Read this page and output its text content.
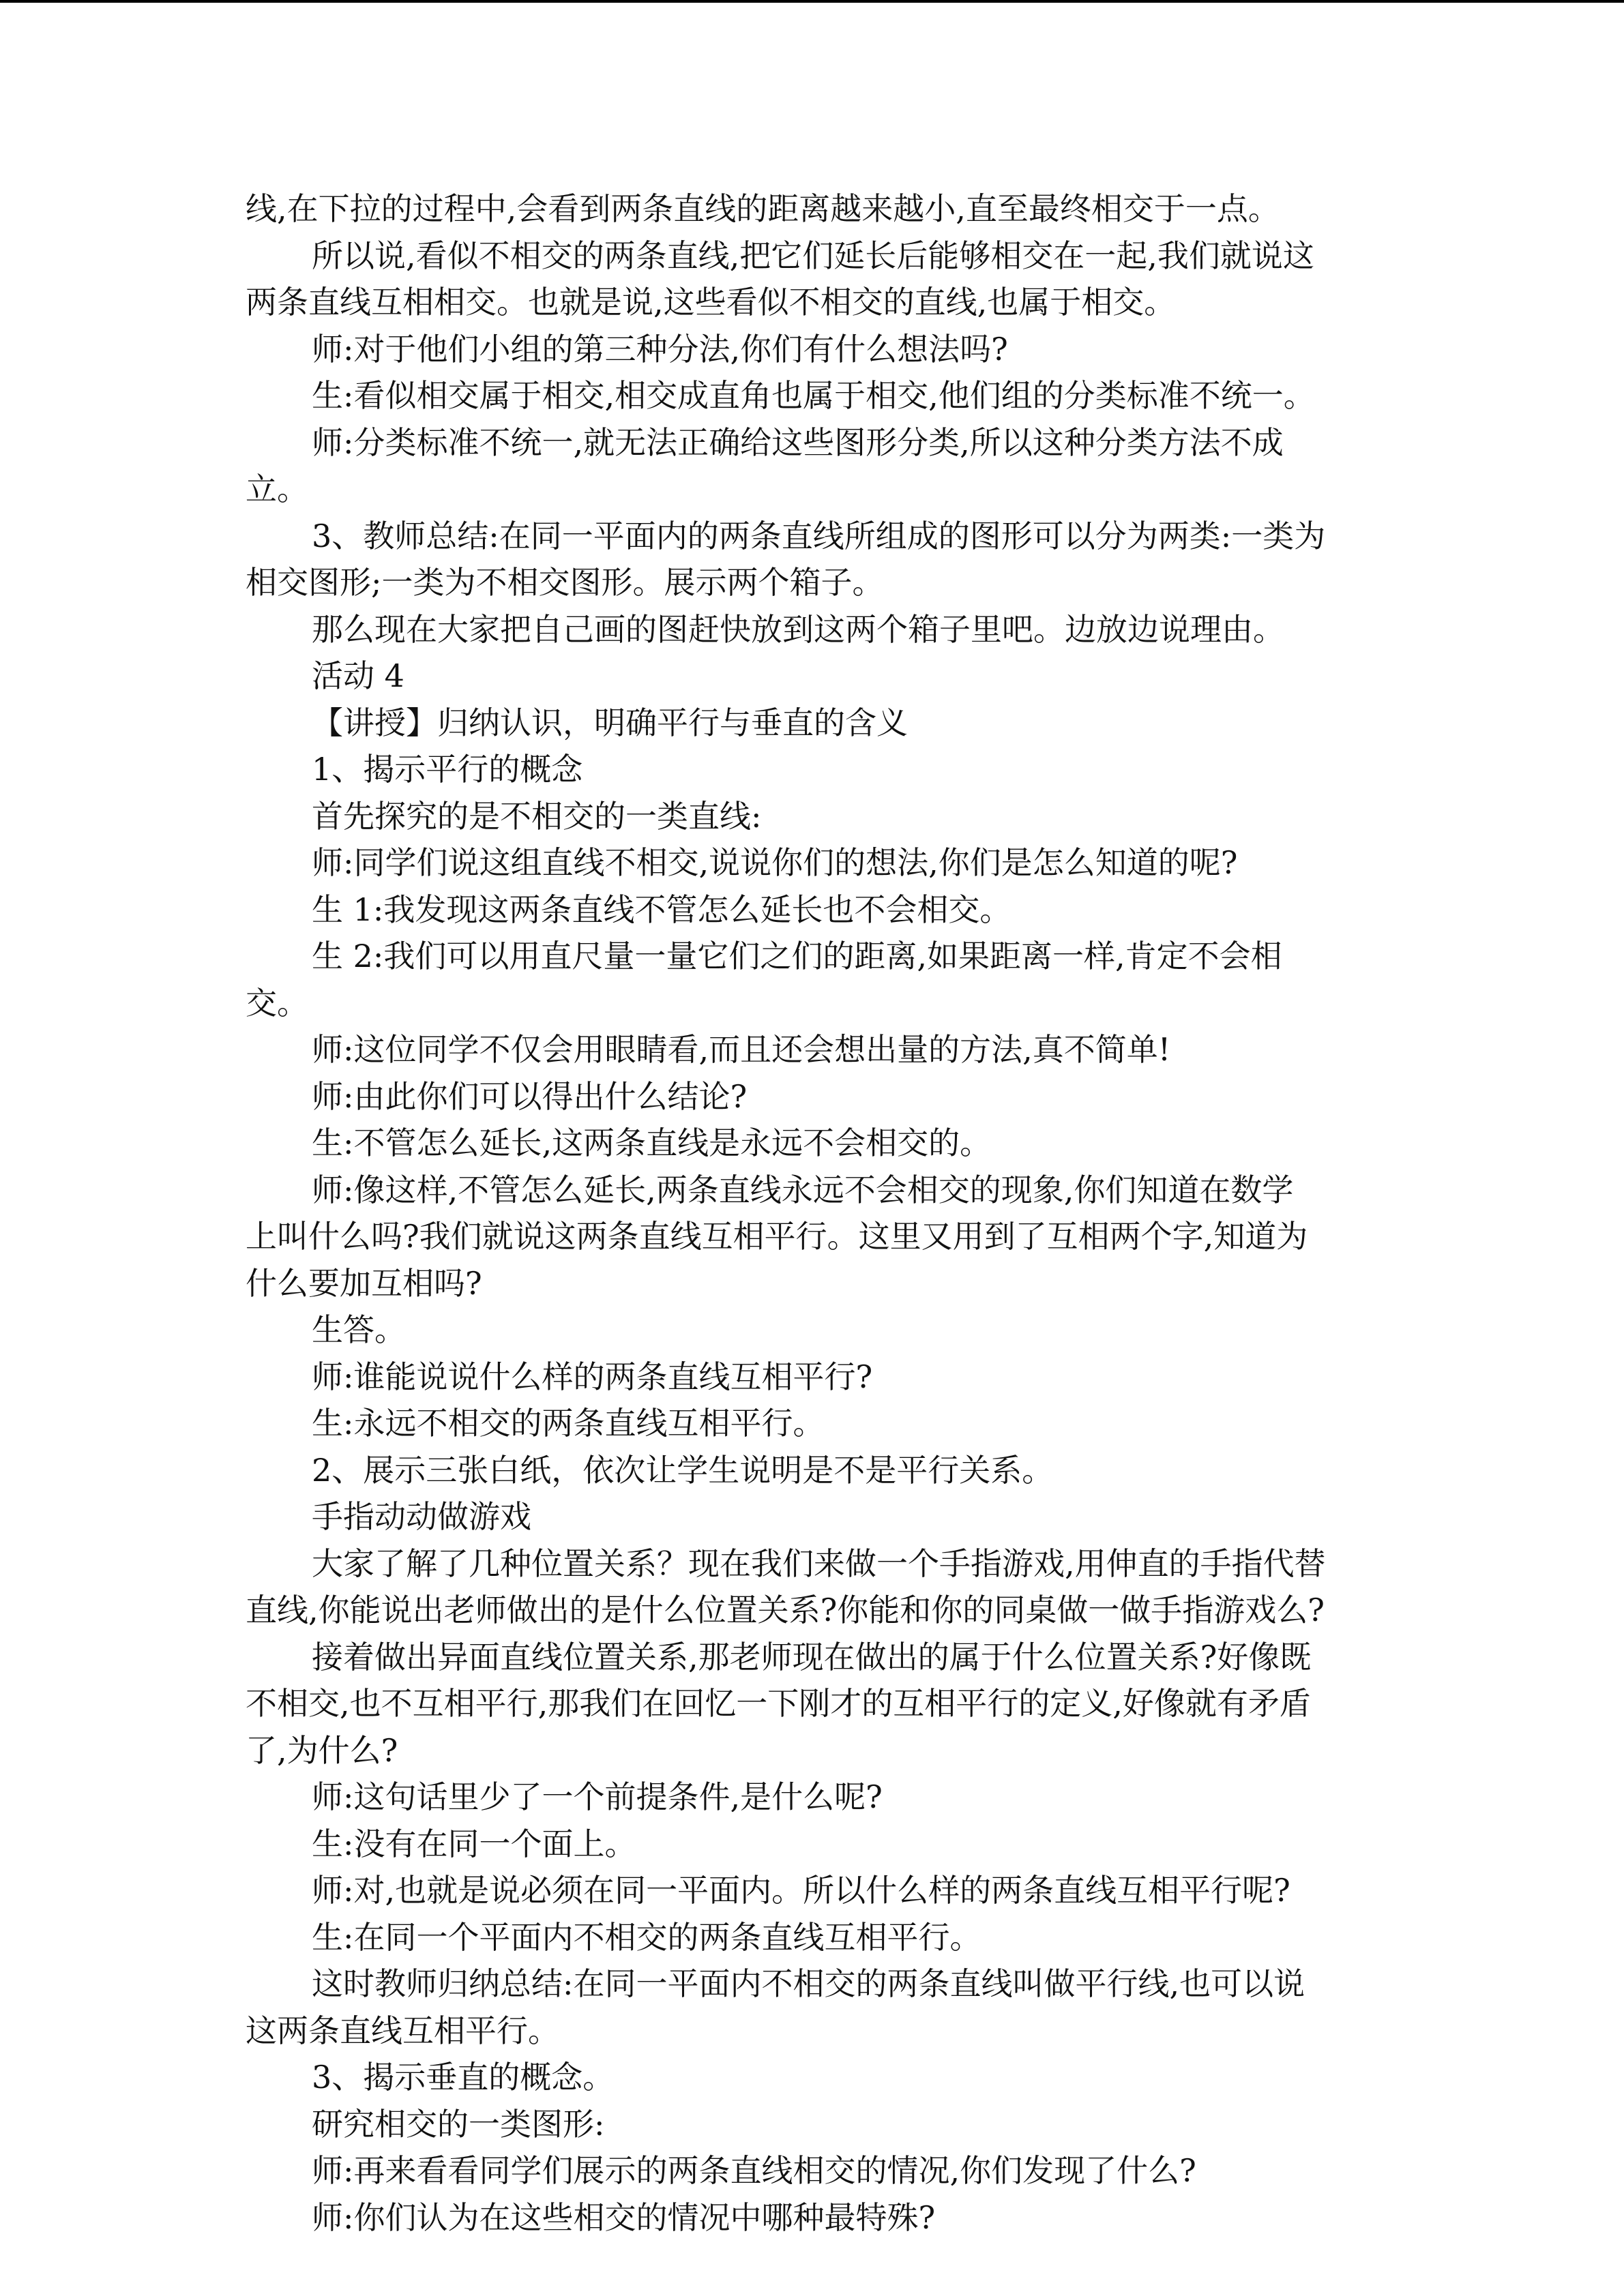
线,在下拉的过程中,会看到两条直线的距离越来越小,直至最终相交于一点。

所以说,看似不相交的两条直线,把它们延长后能够相交在一起,我们就说这

两条直线互相相交。也就是说,这些看似不相交的直线,也属于相交。

师:对于他们小组的第三种分法,你们有什么想法吗?

生:看似相交属于相交,相交成直角也属于相交,他们组的分类标准不统一。

师:分类标准不统一,就无法正确给这些图形分类,所以这种分类方法不成

立。

3、教师总结:在同一平面内的两条直线所组成的图形可以分为两类:一类为

相交图形;一类为不相交图形。展示两个箱子。

那么现在大家把自己画的图赶快放到这两个箱子里吧。边放边说理由。

活动 4

【讲授】归纳认识，明确平行与垂直的含义

1、揭示平行的概念

首先探究的是不相交的一类直线:

师:同学们说这组直线不相交,说说你们的想法,你们是怎么知道的呢?

生 1:我发现这两条直线不管怎么延长也不会相交。

生 2:我们可以用直尺量一量它们之们的距离,如果距离一样,肯定不会相

交。

师:这位同学不仅会用眼睛看,而且还会想出量的方法,真不简单!

师:由此你们可以得出什么结论?

生:不管怎么延长,这两条直线是永远不会相交的。

师:像这样,不管怎么延长,两条直线永远不会相交的现象,你们知道在数学

上叫什么吗?我们就说这两条直线互相平行。这里又用到了互相两个字,知道为

什么要加互相吗?

生答。

师:谁能说说什么样的两条直线互相平行?

生:永远不相交的两条直线互相平行。

2、展示三张白纸，依次让学生说明是不是平行关系。

手指动动做游戏

大家了解了几种位置关系？现在我们来做一个手指游戏,用伸直的手指代替

直线,你能说出老师做出的是什么位置关系?你能和你的同桌做一做手指游戏么?

接着做出异面直线位置关系,那老师现在做出的属于什么位置关系?好像既

不相交,也不互相平行,那我们在回忆一下刚才的互相平行的定义,好像就有矛盾

了,为什么?

师:这句话里少了一个前提条件,是什么呢?

生:没有在同一个面上。

师:对,也就是说必须在同一平面内。所以什么样的两条直线互相平行呢?

生:在同一个平面内不相交的两条直线互相平行。

这时教师归纳总结:在同一平面内不相交的两条直线叫做平行线,也可以说

这两条直线互相平行。

3、揭示垂直的概念。

研究相交的一类图形:

师:再来看看同学们展示的两条直线相交的情况,你们发现了什么?

师:你们认为在这些相交的情况中哪种最特殊?
